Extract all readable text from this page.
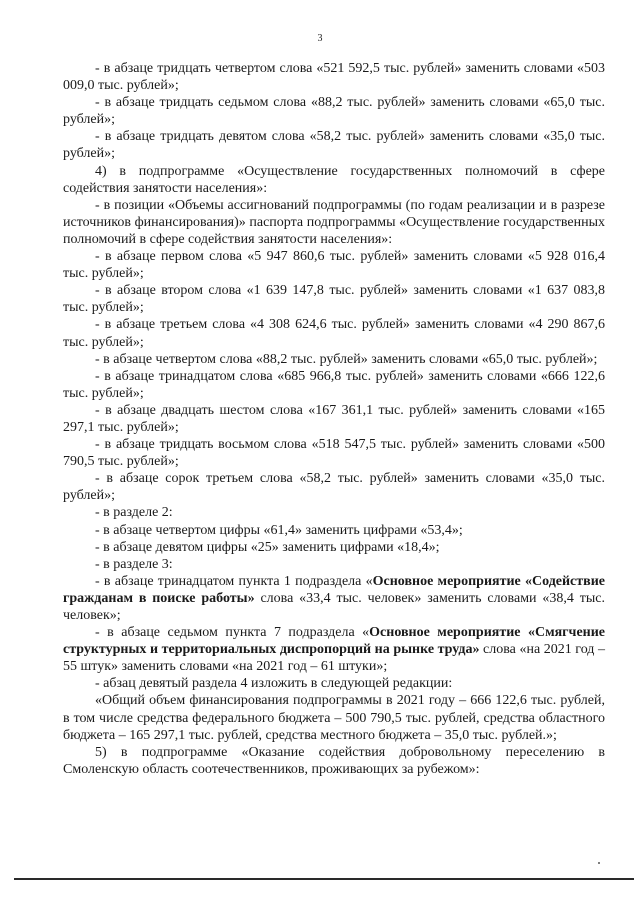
3

- в абзаце тридцать четвертом слова «521 592,5 тыс. рублей» заменить словами «503 009,0 тыс. рублей»;

- в абзаце тридцать седьмом слова «88,2 тыс. рублей» заменить словами «65,0 тыс. рублей»;

- в абзаце тридцать девятом слова «58,2 тыс. рублей» заменить словами «35,0 тыс. рублей»;

4) в подпрограмме «Осуществление государственных полномочий в сфере содействия занятости населения»:

- в позиции «Объемы ассигнований подпрограммы (по годам реализации и в разрезе источников финансирования)» паспорта подпрограммы «Осуществление государственных полномочий в сфере содействия занятости населения»:

- в абзаце первом слова «5 947 860,6 тыс. рублей» заменить словами «5 928 016,4 тыс. рублей»;

- в абзаце втором слова «1 639 147,8 тыс. рублей» заменить словами «1 637 083,8 тыс. рублей»;

- в абзаце третьем слова «4 308 624,6 тыс. рублей» заменить словами «4 290 867,6 тыс. рублей»;

- в абзаце четвертом слова «88,2 тыс. рублей» заменить словами «65,0 тыс. рублей»;

- в абзаце тринадцатом слова «685 966,8 тыс. рублей» заменить словами «666 122,6 тыс. рублей»;

- в абзаце двадцать шестом слова «167 361,1 тыс. рублей» заменить словами «165 297,1 тыс. рублей»;

- в абзаце тридцать восьмом слова «518 547,5 тыс. рублей» заменить словами «500 790,5 тыс. рублей»;

- в абзаце сорок третьем слова «58,2 тыс. рублей» заменить словами «35,0 тыс. рублей»;

- в разделе 2:

- в абзаце четвертом цифры «61,4» заменить цифрами «53,4»;

- в абзаце девятом цифры «25» заменить цифрами «18,4»;

- в разделе 3:

- в абзаце тринадцатом пункта 1 подраздела «Основное мероприятие «Содействие гражданам в поиске работы» слова «33,4 тыс. человек» заменить словами «38,4 тыс. человек»;

- в абзаце седьмом пункта 7 подраздела «Основное мероприятие «Смягчение структурных и территориальных диспропорций на рынке труда» слова «на 2021 год – 55 штук» заменить словами «на 2021 год – 61 штуки»;

- абзац девятый раздела 4 изложить в следующей редакции:

«Общий объем финансирования подпрограммы в 2021 году – 666 122,6 тыс. рублей, в том числе средства федерального бюджета – 500 790,5 тыс. рублей, средства областного бюджета – 165 297,1 тыс. рублей, средства местного бюджета – 35,0 тыс. рублей.»;

5) в подпрограмме «Оказание содействия добровольному переселению в Смоленскую область соотечественников, проживающих за рубежом»:
